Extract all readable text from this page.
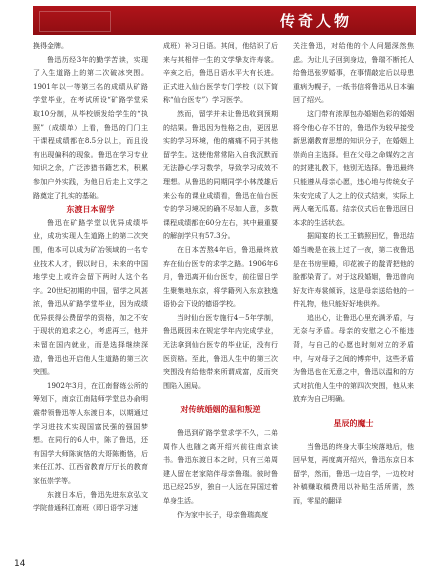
传奇人物

换得金牌。

鲁迅历经3年的勤学苦读，实现了入生道路上的第二次破冰突围。1901年以一等第三名的成绩从矿路学堂毕业，在考试所设“矿路学堂采取10分制，从毕校颁发给学生的“执照”（成绩单）上看，鲁迅的门门主干课程成绩都在8.5分以上，而且没有出现偏科的现象。鲁迅在学习专业知识之余，广泛涉猎书籍艺术，积累参加户外实践，为他日后走上文学之路奠定了扎实的基础。

东渡日本留学

鲁迅在矿路学堂以优异成绩毕业，成功实现人生道路上的第二次突围，他本可以成为矿冶领域的一名专业技术人才，假以时日，未来的中国地学史上或许会留下两时人这个名字。20世纪初期的中国，留学之风甚浓，鲁迅从矿路学堂毕业，因为成绩优异获得公费留学的资格，加之不安于现状的追求之心，考虑再三，他并未留在国内就业，而是选择继续深造，鲁迅也开启他人生道路的第三次突围。

1902年3月，在江南督练公所的筹划下，南京江南陆师学堂总办俞明震带领鲁迅等人东渡日本，以期通过学习进技术实现国富民强的强国梦想。在同行的6人中，陈了鲁迅，还有国学大师陈寅恪的大哥陈衡恪，后来任江苏、江西省教育厅厅长的教育家伍崇学等。

东渡日本后，鲁迅先进东京弘文学院普通科江南班（即日语学习速

成班）补习日语。其间，他结识了后来与其相伴一生的文学挚友许寿裳。辛亥之后，鲁迅日语水平大有长进。正式进入仙台医学专门学校（以下简称“仙台医专”）学习医学。

然而，留学并未让鲁迅收到预期的结果。鲁迅因为性格之由，更因思实的学习环境，他的痛痛不同于其他留学生。这使他常常陷入自我沉默而无法静心学习数学，导致学习成效不理想。从鲁迅的同期同学小林茂雄后来公布的课业成绩看，鲁迅在仙台医专的学习境况的确不尽如人意，多数课程成绩都在60分左右，其中最重要的解剖学只有57.3分。

在日本苦熬4年后，鲁迅最终放弃在仙台医专的求学之路。1906年6月，鲁迅离开仙台医专，前往留日学生聚集地东京，将学籍列入东京独逸语协会下设的德语学校。

当时仙台医专施行4－5年学制，鲁迅既因未在规定学年内完成学业，无法拿到仙台医专的毕业证，没有行医资格。至此，鲁迅人生中的第三次突围没有给他带来所谓成富，反而突围陷入困局。

对传统婚姻的温和叛逆

鲁迅到矿路学堂求学不久，二弟周作人也随之离开绍兴前往南京读书。鲁迅东渡日本之时，只有三弟周建人留在老家陪伴母亲鲁瑞。彼时鲁迅已经25岁，独自一人远在异国过着单身生活。

作为家中长子，母亲鲁瑞高度

关注鲁迅，对给他的个人问题深然焦虑。为让儿子回到身边，鲁瑞不断托人给鲁迅张罗婚事，在事情敲定后以母患重病为幌子，一纸书信将鲁迅从日本骗回了绍兴。

这门带有浓厚包办婚姻色彩的婚姻将令他心存不甘的，鲁迅作为较早接受新思潮教育思想的知识分子，在婚姻上崇尚自主选择。但在父母之命媒妁之言的封建礼教下，他别无选择。鲁迅最终只能遵从母亲心愿，违心地与传统女子朱安完成了人之上的仪式结束，实际上两人毫无瓜葛。结亲仪式后在鲁迅回日本求的生活状态。

据闻宴的长工王鹤照回忆，鲁迅结婚当晚是在孩上过了一夜，第二夜鲁迅是在书房里睡，印花被子的靛青把他的脸都染青了。对于这段婚姻，鲁迅曾向好友许寿裳倾诉，这是母亲送给他的一件礼物，他只能好好地供养。

追出心，让鲁迅心里充满矛盾，与无奈与矛盾。母亲的安慰之心不能违背，与自己的心愿也时刻对立的矛盾中，与对母子之间的博弈中，这些矛盾为鲁迅也在无意之中，鲁迅以温和的方式对抗他人生中的第四次突围，他从来放弃为自己明确。

星辰的魔士

当鲁迅的终身大事尘埃落地后，他回早复，再度离开绍兴，鲁迅东京日本留学，然而，鲁迅一边自学，一边校对补稿赚取稿费用以补贴生活所需，然而，零星的翻译

14
